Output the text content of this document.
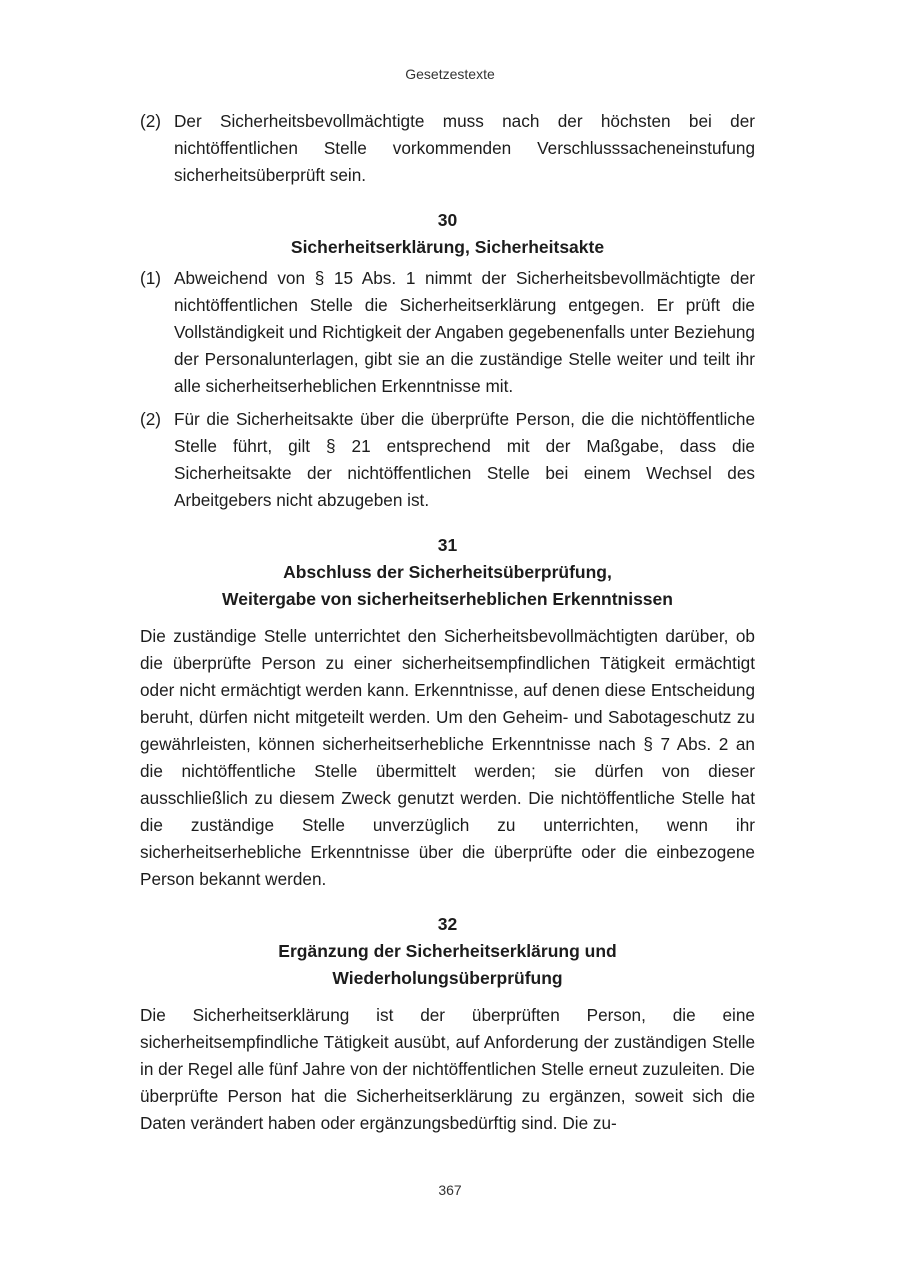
Gesetzestexte
(2) Der Sicherheitsbevollmächtigte muss nach der höchsten bei der nichtöffentlichen Stelle vorkommenden Verschlusssacheneinstufung sicherheitsüberprüft sein.
30
Sicherheitserklärung, Sicherheitsakte
(1) Abweichend von § 15 Abs. 1 nimmt der Sicherheitsbevollmächtigte der nichtöffentlichen Stelle die Sicherheitserklärung entgegen. Er prüft die Vollständigkeit und Richtigkeit der Angaben gegebenenfalls unter Beziehung der Personalunterlagen, gibt sie an die zuständige Stelle weiter und teilt ihr alle sicherheitserheblichen Erkenntnisse mit.
(2) Für die Sicherheitsakte über die überprüfte Person, die die nichtöffentliche Stelle führt, gilt § 21 entsprechend mit der Maßgabe, dass die Sicherheitsakte der nichtöffentlichen Stelle bei einem Wechsel des Arbeitgebers nicht abzugeben ist.
31
Abschluss der Sicherheitsüberprüfung,
Weitergabe von sicherheitserheblichen Erkenntnissen
Die zuständige Stelle unterrichtet den Sicherheitsbevollmächtigten darüber, ob die überprüfte Person zu einer sicherheitsempfindlichen Tätigkeit ermächtigt oder nicht ermächtigt werden kann. Erkenntnisse, auf denen diese Entscheidung beruht, dürfen nicht mitgeteilt werden. Um den Geheim- und Sabotageschutz zu gewährleisten, können sicherheitserhebliche Erkenntnisse nach § 7 Abs. 2 an die nichtöffentliche Stelle übermittelt werden; sie dürfen von dieser ausschließlich zu diesem Zweck genutzt werden. Die nichtöffentliche Stelle hat die zuständige Stelle unverzüglich zu unterrichten, wenn ihr sicherheitserhebliche Erkenntnisse über die überprüfte oder die einbezogene Person bekannt werden.
32
Ergänzung der Sicherheitserklärung und
Wiederholungsüberprüfung
Die Sicherheitserklärung ist der überprüften Person, die eine sicherheitsempfindliche Tätigkeit ausübt, auf Anforderung der zuständigen Stelle in der Regel alle fünf Jahre von der nichtöffentlichen Stelle erneut zuzuleiten. Die überprüfte Person hat die Sicherheitserklärung zu ergänzen, soweit sich die Daten verändert haben oder ergänzungsbedürftig sind. Die zu-
367
